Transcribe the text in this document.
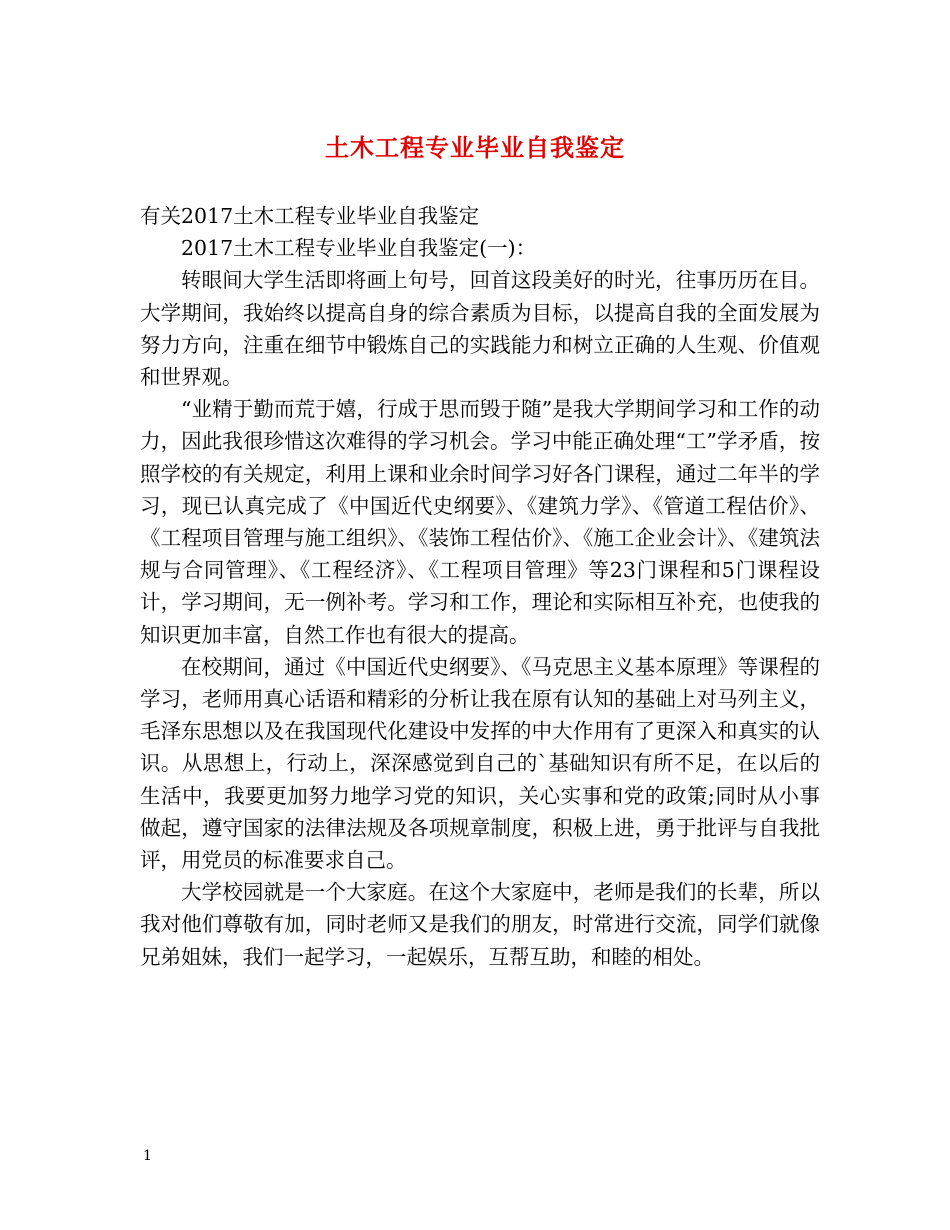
土木工程专业毕业自我鉴定

有关2017土木工程专业毕业自我鉴定

2017土木工程专业毕业自我鉴定(一)：

转眼间大学生活即将画上句号，回首这段美好的时光，往事历历在目。大学期间，我始终以提高自身的综合素质为目标，以提高自我的全面发展为努力方向，注重在细节中锻炼自己的实践能力和树立正确的人生观、价值观和世界观。

“业精于勤而荒于嬉，行成于思而毁于随”是我大学期间学习和工作的动力，因此我很珍惜这次难得的学习机会。学习中能正确处理“工”学矛盾，按照学校的有关规定，利用上课和业余时间学习好各门课程，通过二年半的学习，现已认真完成了《中国近代史纲要》、《建筑力学》、《管道工程估价》、《工程项目管理与施工组织》、《装饰工程估价》、《施工企业会计》、《建筑法规与合同管理》、《工程经济》、《工程项目管理》等23门课程和5门课程设计，学习期间，无一例补考。学习和工作，理论和实际相互补充，也使我的知识更加丰富，自然工作也有很大的提高。

在校期间，通过《中国近代史纲要》、《马克思主义基本原理》等课程的学习，老师用真心话语和精彩的分析让我在原有认知的基础上对马列主义，毛泽东思想以及在我国现代化建设中发挥的中大作用有了更深入和真实的认识。从思想上，行动上，深深感觉到自己的`基础知识有所不足，在以后的生活中，我要更加努力地学习党的知识，关心实事和党的政策;同时从小事做起，遵守国家的法律法规及各项规章制度，积极上进，勇于批评与自我批评，用党员的标准要求自己。

大学校园就是一个大家庭。在这个大家庭中，老师是我们的长辈，所以我对他们尊敬有加，同时老师又是我们的朋友，时常进行交流，同学们就像兄弟姐妹，我们一起学习，一起娱乐，互帮互助，和睦的相处。

1
